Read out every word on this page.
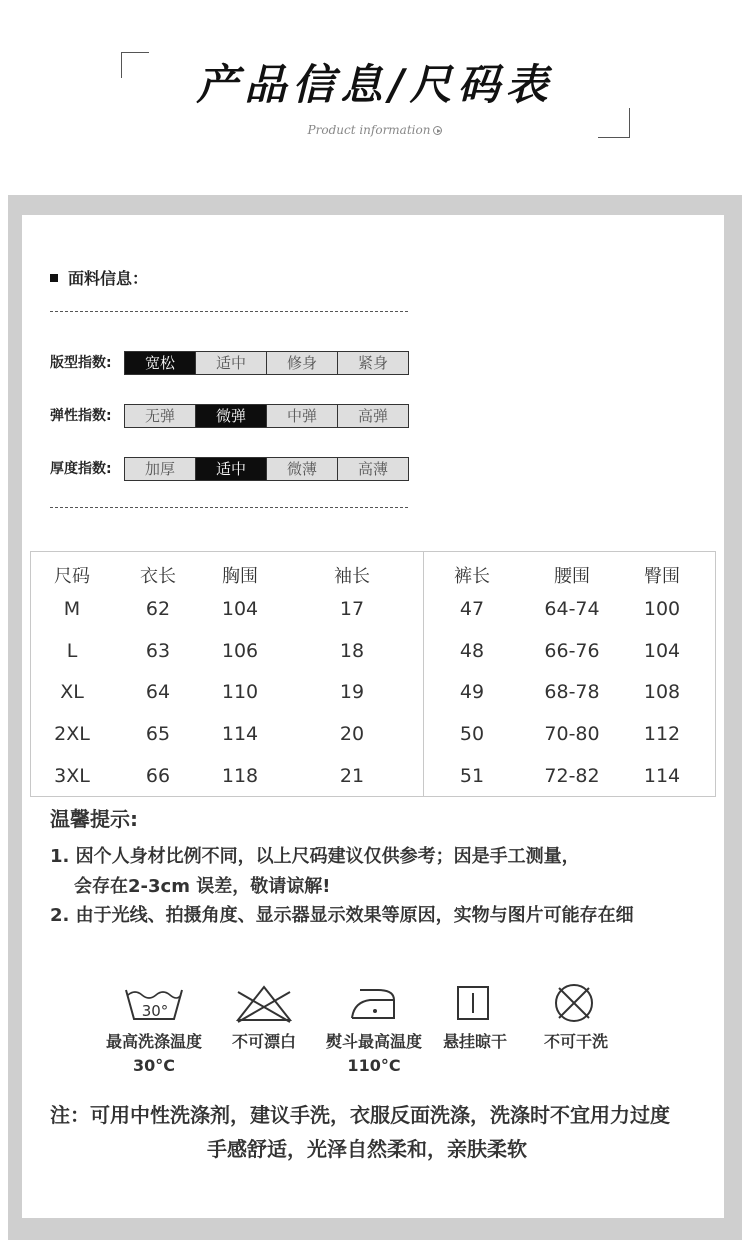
产品信息/尺码表
Product information
面料信息：
版型指数:	宽松	适中	修身	紧身
弹性指数:	无弹	微弹	中弹	高弹
厚度指数:	加厚	适中	微薄	高薄
尺码	衣长	胸围	袖长	裤长	腰围	臀围
M	62	104	17	47	64-74 100
L	63	106	18	48	66-76 104
XL	64	110	19	49	68-78 108
2XL	65	114	20	50	70-80 112
3XL	66	118	21	51	72-82 114
温馨提示:
1. 因个人身材比例不同，以上尺码建议仅供参考；因是手工测量，
会存在2-3cm 误差，敬请谅解!
2. 由于光线、拍摄角度、显示器显示效果等原因，实物与图片可能存在细
30°
最高洗涤温度
30°C
不可漂白 熨斗最高温度
110°C
悬挂晾干 不可干洗
注：可用中性洗涤剂，建议手洗，衣服反面洗涤，洗涤时不宜用力过度
手感舒适，光泽自然柔和，亲肤柔软
